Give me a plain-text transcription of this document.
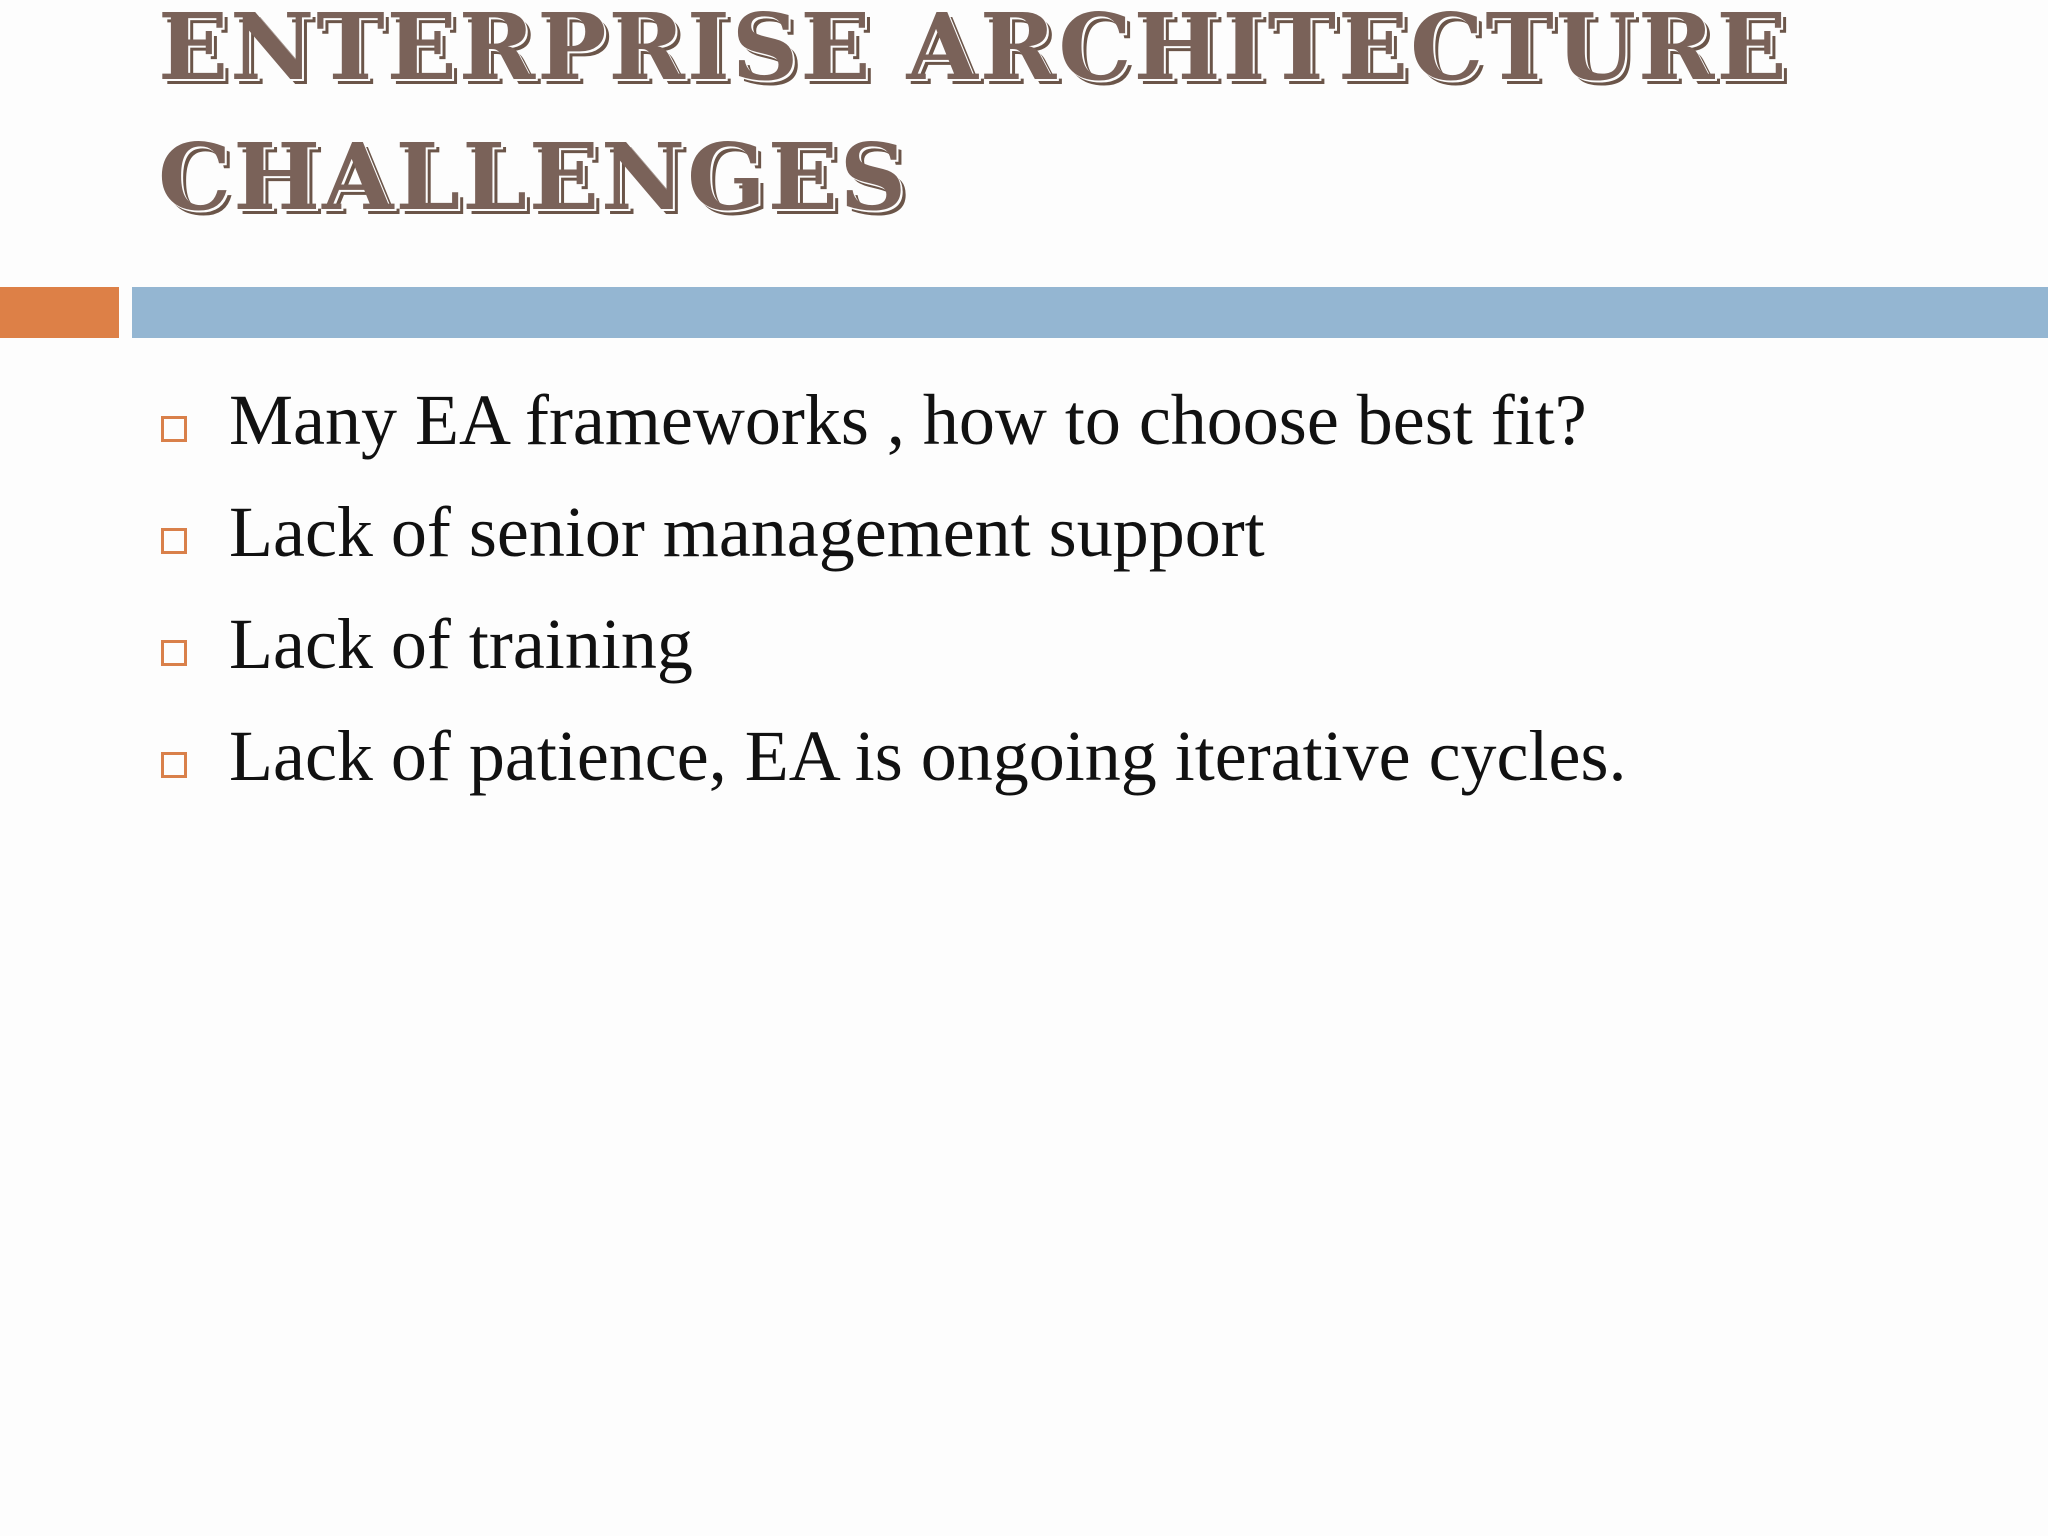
ENTERPRISE ARCHITECTURE
CHALLENGES
Many EA frameworks , how to choose best fit?
Lack of senior management support
Lack of training
Lack of patience, EA is ongoing iterative cycles.
